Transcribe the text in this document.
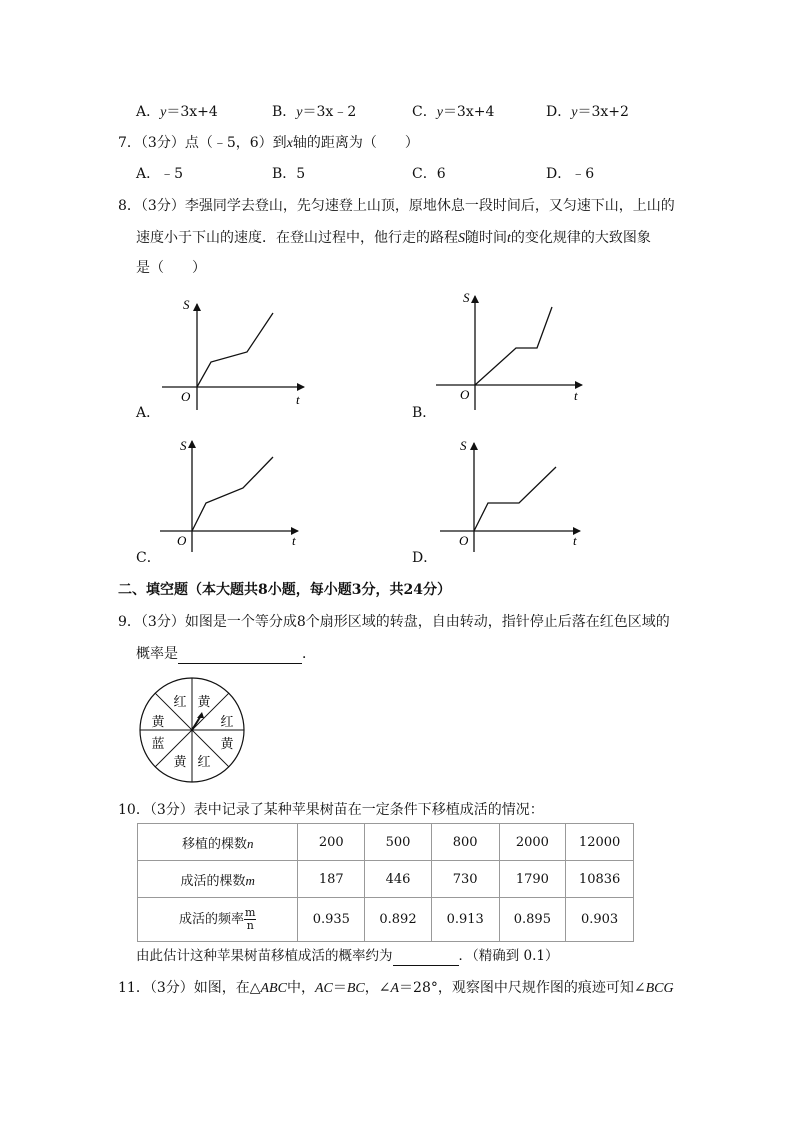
A．y＝3x+4	B．y＝3x﹣2	C．y＝3x+4	D．y＝3x+2
7．（3分）点（﹣5，6）到x轴的距离为（　　）
A．﹣5	B．5	C．6	D．﹣6
8．（3分）李强同学去登山，先匀速登上山顶，原地休息一段时间后，又匀速下山，上山的
速度小于下山的速度．在登山过程中，他行走的路程S随时间t的变化规律的大致图象
是（　　）
S
t
O
S
t
O
S
t
O
S
t
O
A．	B．
C．	D．
二、填空题（本大题共8小题，每小题3分，共24分）
9．（3分）如图是一个等分成8个扇形区域的转盘，自由转动，指针停止后落在红色区域的
概率是	．
黄
红
黄
红
黄
蓝
黄
红
10．（3分）表中记录了某种苹果树苗在一定条件下移植成活的情况：
移植的棵数n	200	500	800	2000	12000
成活的棵数m	187	446	730	1790	10836
成活的频率 $\frac{m}{n}$	0.935	0.892	0.913	0.895	0.903
由此估计这种苹果树苗移植成活的概率约为	．（精确到 0.1）
11．（3分）如图，在△ABC中，AC＝BC，∠A＝28°，观察图中尺规作图的痕迹可知∠BCG
